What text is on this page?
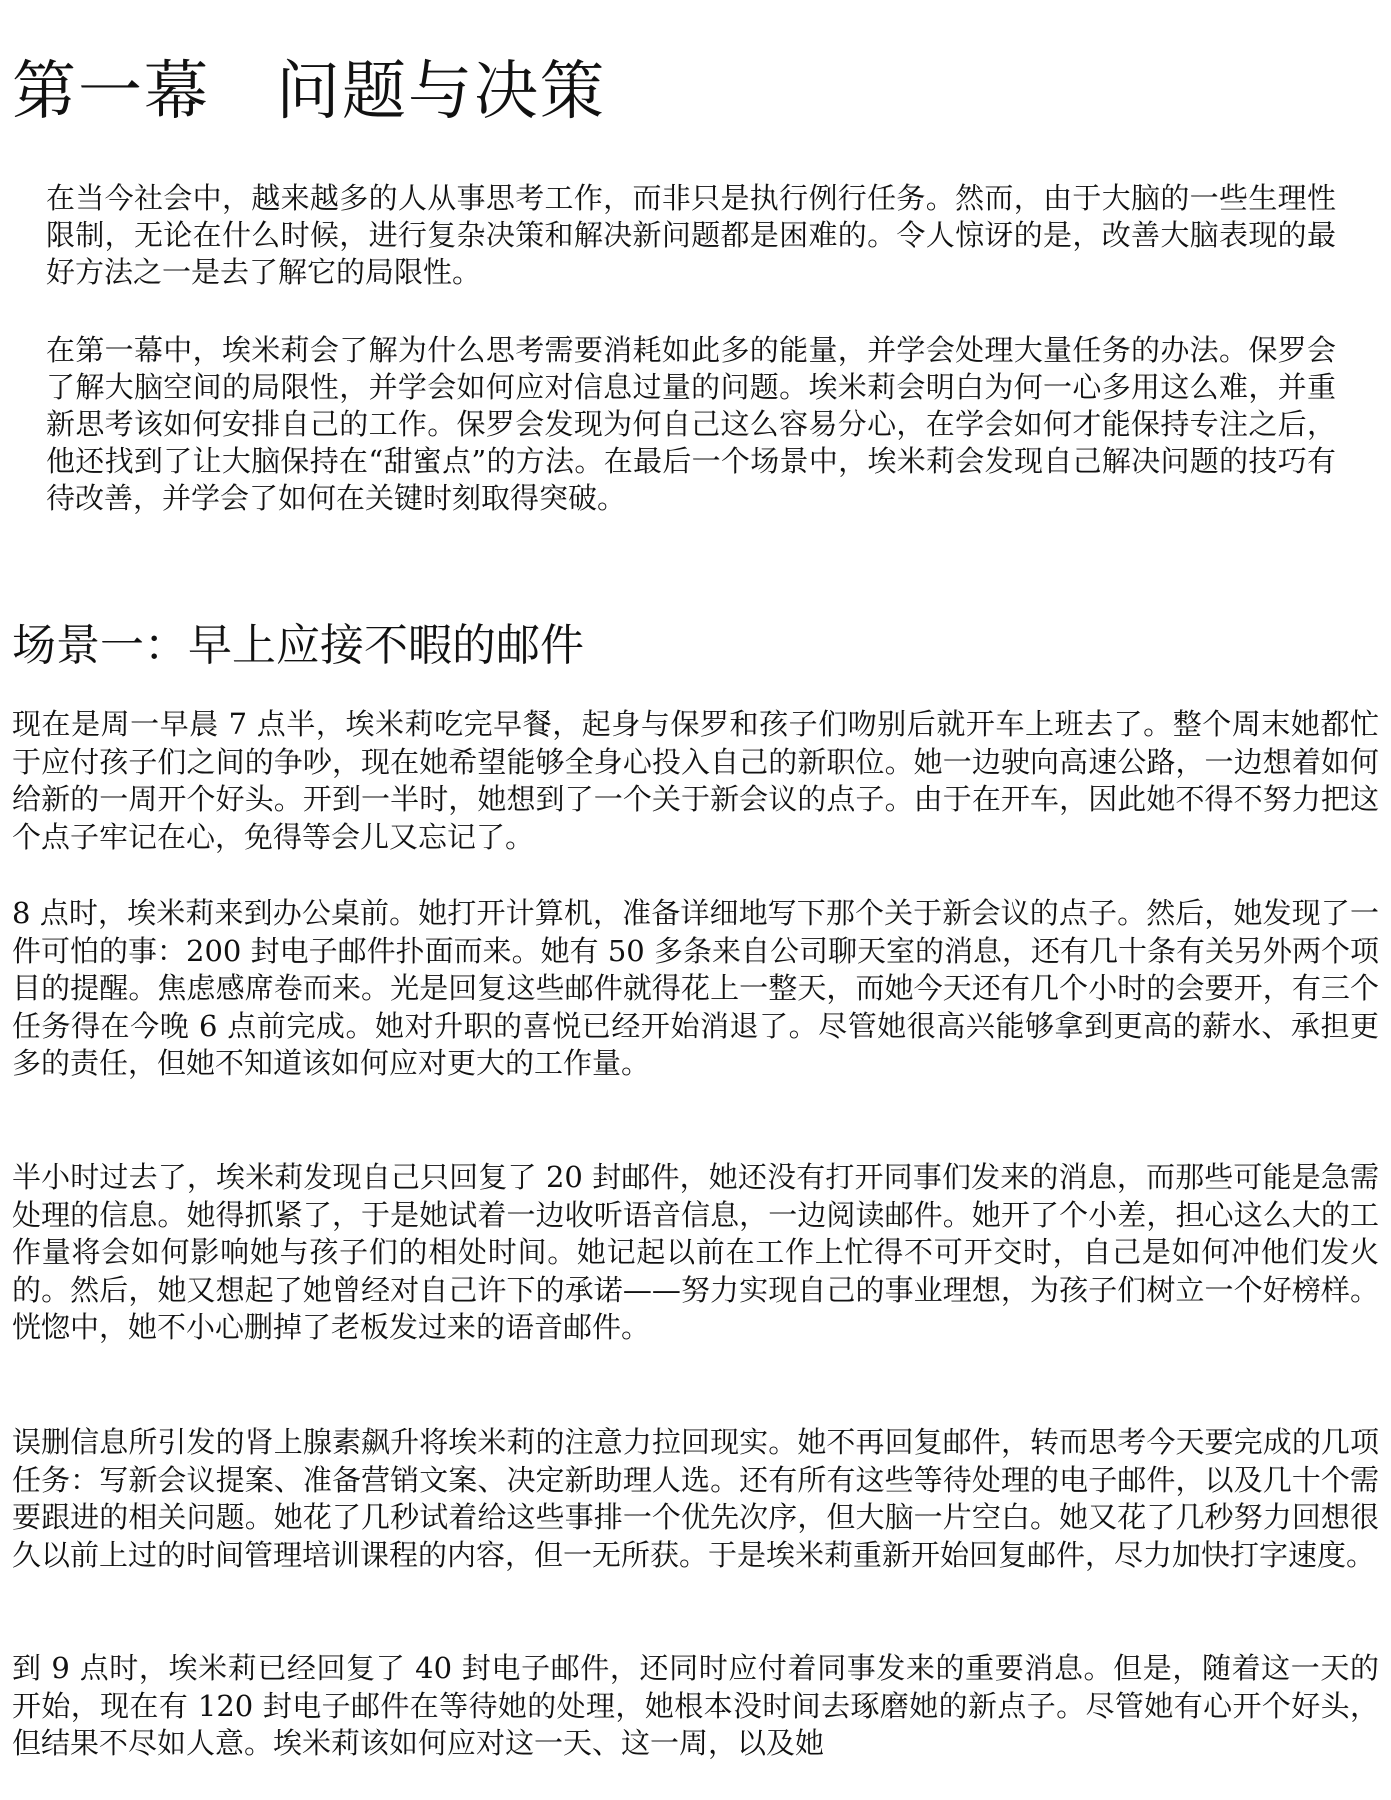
第一幕　问题与决策

在当今社会中，越来越多的人从事思考工作，而非只是执行例行任务。然而，由于大脑的一些生理性限制，无论在什么时候，进行复杂决策和解决新问题都是困难的。令人惊讶的是，改善大脑表现的最好方法之一是去了解它的局限性。

在第一幕中，埃米莉会了解为什么思考需要消耗如此多的能量，并学会处理大量任务的办法。保罗会了解大脑空间的局限性，并学会如何应对信息过量的问题。埃米莉会明白为何一心多用这么难，并重新思考该如何安排自己的工作。保罗会发现为何自己这么容易分心，在学会如何才能保持专注之后，他还找到了让大脑保持在“甜蜜点”的方法。在最后一个场景中，埃米莉会发现自己解决问题的技巧有待改善，并学会了如何在关键时刻取得突破。

场景一：早上应接不暇的邮件

现在是周一早晨 7 点半，埃米莉吃完早餐，起身与保罗和孩子们吻别后就开车上班去了。整个周末她都忙于应付孩子们之间的争吵，现在她希望能够全身心投入自己的新职位。她一边驶向高速公路，一边想着如何给新的一周开个好头。开到一半时，她想到了一个关于新会议的点子。由于在开车，因此她不得不努力把这个点子牢记在心，免得等会儿又忘记了。

8 点时，埃米莉来到办公桌前。她打开计算机，准备详细地写下那个关于新会议的点子。然后，她发现了一件可怕的事：200 封电子邮件扑面而来。她有 50 多条来自公司聊天室的消息，还有几十条有关另外两个项目的提醒。焦虑感席卷而来。光是回复这些邮件就得花上一整天，而她今天还有几个小时的会要开，有三个任务得在今晚 6 点前完成。她对升职的喜悦已经开始消退了。尽管她很高兴能够拿到更高的薪水、承担更多的责任，但她不知道该如何应对更大的工作量。

半小时过去了，埃米莉发现自己只回复了 20 封邮件，她还没有打开同事们发来的消息，而那些可能是急需处理的信息。她得抓紧了，于是她试着一边收听语音信息，一边阅读邮件。她开了个小差，担心这么大的工作量将会如何影响她与孩子们的相处时间。她记起以前在工作上忙得不可开交时，自己是如何冲他们发火的。然后，她又想起了她曾经对自己许下的承诺——努力实现自己的事业理想，为孩子们树立一个好榜样。恍惚中，她不小心删掉了老板发过来的语音邮件。

误删信息所引发的肾上腺素飙升将埃米莉的注意力拉回现实。她不再回复邮件，转而思考今天要完成的几项任务：写新会议提案、准备营销文案、决定新助理人选。还有所有这些等待处理的电子邮件，以及几十个需要跟进的相关问题。她花了几秒试着给这些事排一个优先次序，但大脑一片空白。她又花了几秒努力回想很久以前上过的时间管理培训课程的内容，但一无所获。于是埃米莉重新开始回复邮件，尽力加快打字速度。

到 9 点时，埃米莉已经回复了 40 封电子邮件，还同时应付着同事发来的重要消息。但是，随着这一天的开始，现在有 120 封电子邮件在等待她的处理，她根本没时间去琢磨她的新点子。尽管她有心开个好头，但结果不尽如人意。埃米莉该如何应对这一天、这一周，以及她
